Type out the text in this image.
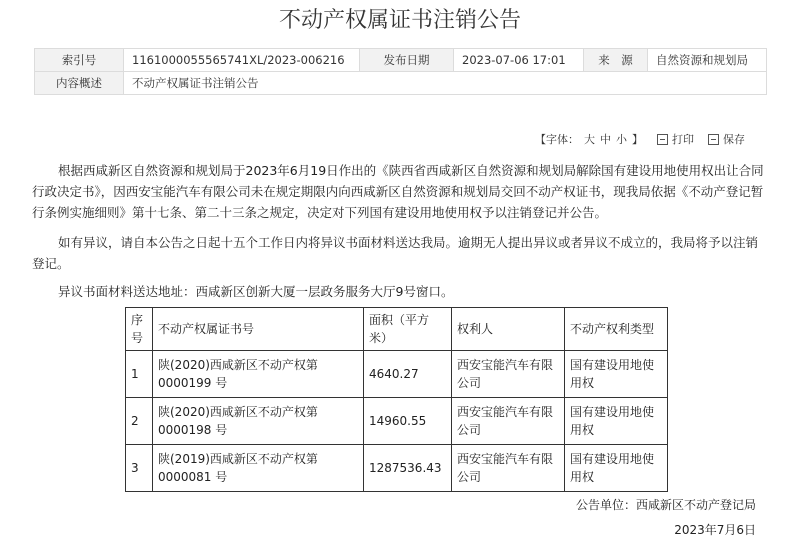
不动产权属证书注销公告
索引号	1161000055565741XL/2023-006216	发布日期	2023-07-06 17:01	来　源	自然资源和规划局
内容概述	不动产权属证书注销公告				
【字体： 大 中 小 】	打印	保存
根据西咸新区自然资源和规划局于2023年6月19日作出的《陕西省西咸新区自然资源和规划局解除国有建设用地使用权出让合同行政决定书》，因西安宝能汽车有限公司未在规定期限内向西咸新区自然资源和规划局交回不动产权证书，现我局依据《不动产登记暂行条例实施细则》第十七条、第二十三条之规定，决定对下列国有建设用地使用权予以注销登记并公告。
如有异议，请自本公告之日起十五个工作日内将异议书面材料送达我局。逾期无人提出异议或者异议不成立的，我局将予以注销登记。
异议书面材料送达地址：西咸新区创新大厦一层政务服务大厅9号窗口。
序号	不动产权属证书号	面积（平方米）	权利人	不动产权利类型
1	陕(2020)西咸新区不动产权第0000199 号	4640.27	西安宝能汽车有限公司	国有建设用地使用权
2	陕(2020)西咸新区不动产权第0000198 号	14960.55	西安宝能汽车有限公司	国有建设用地使用权
3	陕(2019)西咸新区不动产权第0000081 号	1287536.43	西安宝能汽车有限公司	国有建设用地使用权
公告单位：西咸新区不动产登记局
2023年7月6日
